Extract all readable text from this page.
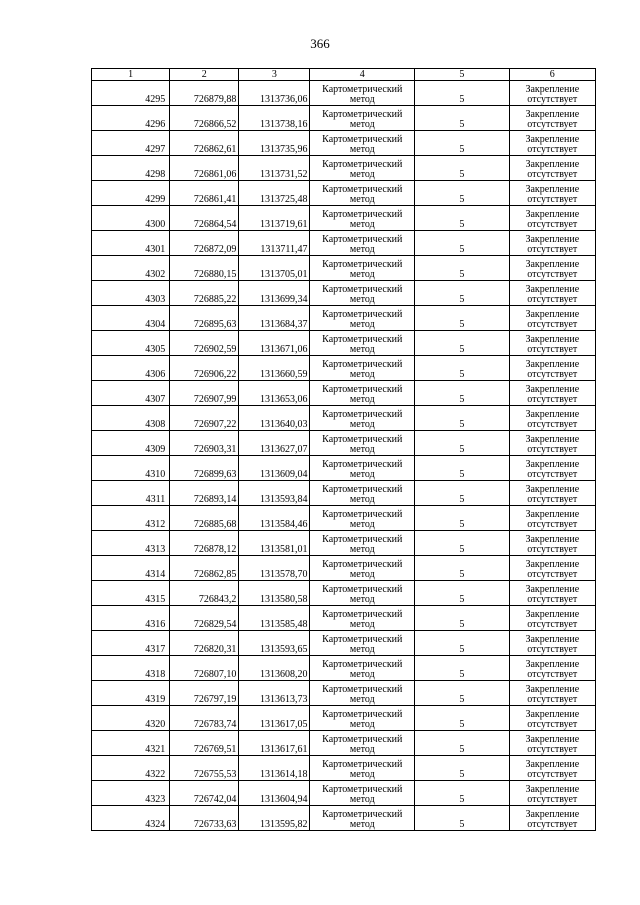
366
1	2	3	4	5	6
4295	726879,88	1313736,06	Картометрический
метод	5	Закрепление
отсутствует

4296	726866,52	1313738,16	Картометрический
метод	5	Закрепление
отсутствует

4297	726862,61	1313735,96	Картометрический
метод	5	Закрепление
отсутствует

4298	726861,06	1313731,52	Картометрический
метод	5	Закрепление
отсутствует

4299	726861,41	1313725,48	Картометрический
метод	5	Закрепление
отсутствует

4300	726864,54	1313719,61	Картометрический
метод	5	Закрепление
отсутствует

4301	726872,09	1313711,47	Картометрический
метод	5	Закрепление
отсутствует

4302	726880,15	1313705,01	Картометрический
метод	5	Закрепление
отсутствует

4303	726885,22	1313699,34	Картометрический
метод	5	Закрепление
отсутствует

4304	726895,63	1313684,37	Картометрический
метод	5	Закрепление
отсутствует

4305	726902,59	1313671,06	Картометрический
метод	5	Закрепление
отсутствует

4306	726906,22	1313660,59	Картометрический
метод	5	Закрепление
отсутствует

4307	726907,99	1313653,06	Картометрический
метод	5	Закрепление
отсутствует

4308	726907,22	1313640,03	Картометрический
метод	5	Закрепление
отсутствует

4309	726903,31	1313627,07	Картометрический
метод	5	Закрепление
отсутствует

4310	726899,63	1313609,04	Картометрический
метод	5	Закрепление
отсутствует

4311	726893,14	1313593,84	Картометрический
метод	5	Закрепление
отсутствует

4312	726885,68	1313584,46	Картометрический
метод	5	Закрепление
отсутствует

4313	726878,12	1313581,01	Картометрический
метод	5	Закрепление
отсутствует

4314	726862,85	1313578,70	Картометрический
метод	5	Закрепление
отсутствует

4315	726843,2	1313580,58	Картометрический
метод	5	Закрепление
отсутствует

4316	726829,54	1313585,48	Картометрический
метод	5	Закрепление
отсутствует

4317	726820,31	1313593,65	Картометрический
метод	5	Закрепление
отсутствует

4318	726807,10	1313608,20	Картометрический
метод	5	Закрепление
отсутствует

4319	726797,19	1313613,73	Картометрический
метод	5	Закрепление
отсутствует

4320	726783,74	1313617,05	Картометрический
метод	5	Закрепление
отсутствует

4321	726769,51	1313617,61	Картометрический
метод	5	Закрепление
отсутствует

4322	726755,53	1313614,18	Картометрический
метод	5	Закрепление
отсутствует

4323	726742,04	1313604,94	Картометрический
метод	5	Закрепление
отсутствует

4324	726733,63	1313595,82	Картометрический
метод	5	Закрепление
отсутствует
